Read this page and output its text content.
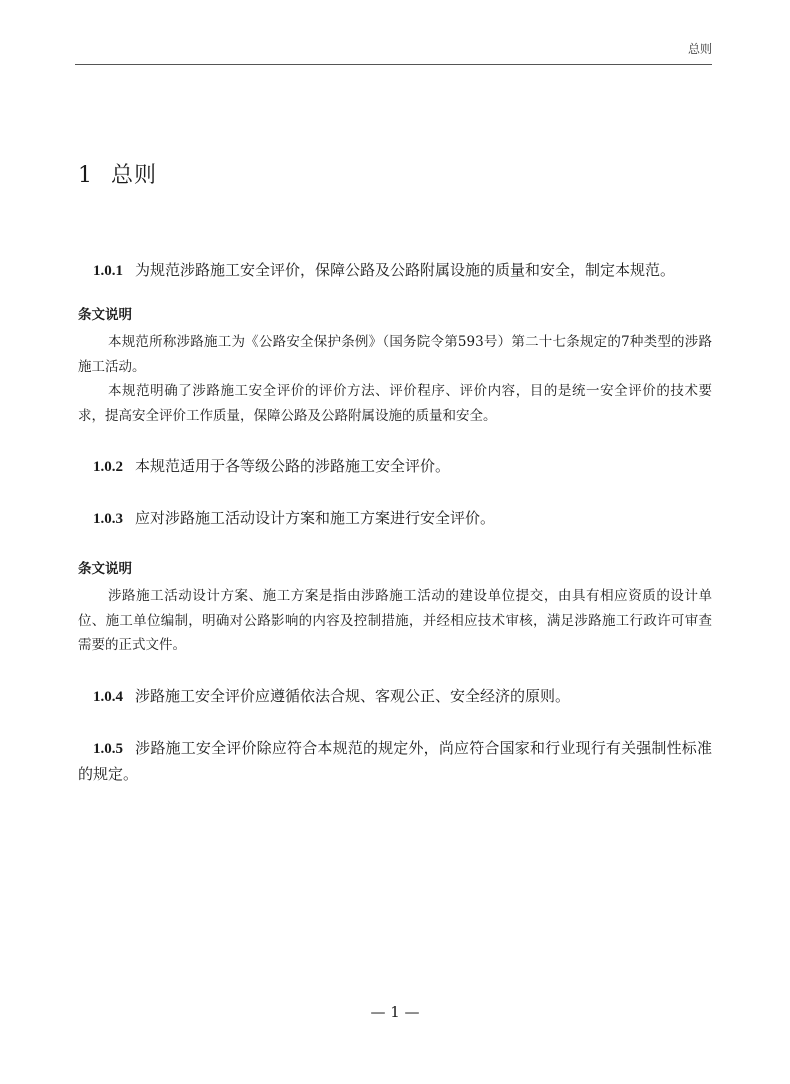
总则
1 总则

1.0.1 为规范涉路施工安全评价，保障公路及公路附属设施的质量和安全，制定本规范。

条文说明

本规范所称涉路施工为《公路安全保护条例》（国务院令第593号）第二十七条规定的7种类型的涉路施工活动。

本规范明确了涉路施工安全评价的评价方法、评价程序、评价内容，目的是统一安全评价的技术要求，提高安全评价工作质量，保障公路及公路附属设施的质量和安全。

1.0.2 本规范适用于各等级公路的涉路施工安全评价。

1.0.3 应对涉路施工活动设计方案和施工方案进行安全评价。

条文说明

涉路施工活动设计方案、施工方案是指由涉路施工活动的建设单位提交，由具有相应资质的设计单位、施工单位编制，明确对公路影响的内容及控制措施，并经相应技术审核，满足涉路施工行政许可审查需要的正式文件。

1.0.4 涉路施工安全评价应遵循依法合规、客观公正、安全经济的原则。

1.0.5 涉路施工安全评价除应符合本规范的规定外，尚应符合国家和行业现行有关强制性标准的规定。

— 1 —
